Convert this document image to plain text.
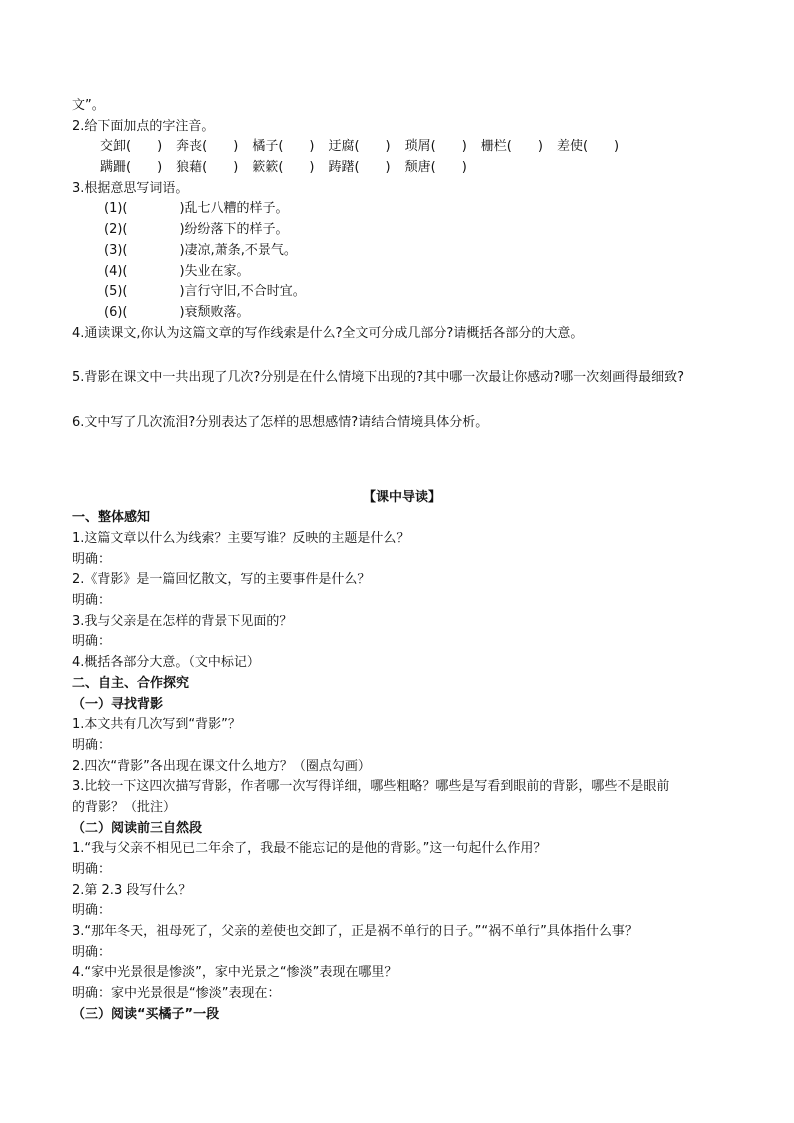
文”。
2.给下面加点的字注音。
交卸(　　) 奔丧(　　) 橘子(　　) 迂腐(　　) 琐屑(　　) 栅栏(　　) 差使(　　)
蹒跚(　　) 狼藉(　　) 簌簌(　　) 踌躇(　　) 颓唐(　　)
3.根据意思写词语。
(1)(　　　　)乱七八糟的样子。
(2)(　　　　)纷纷落下的样子。
(3)(　　　　)凄凉,萧条,不景气。
(4)(　　　　)失业在家。
(5)(　　　　)言行守旧,不合时宜。
(6)(　　　　)衰颓败落。
4.通读课文,你认为这篇文章的写作线索是什么?全文可分成几部分?请概括各部分的大意。
5.背影在课文中一共出现了几次?分别是在什么情境下出现的?其中哪一次最让你感动?哪一次刻画得最细致?
6.文中写了几次流泪?分别表达了怎样的思想感情?请结合情境具体分析。
【课中导读】
一、整体感知
1.这篇文章以什么为线索？主要写谁？反映的主题是什么？
明确：
2.《背影》是一篇回忆散文，写的主要事件是什么？
明确：
3.我与父亲是在怎样的背景下见面的？
明确：
4.概括各部分大意。（文中标记）
二、自主、合作探究
（一）寻找背影
1.本文共有几次写到“背影”？
明确：
2.四次“背影”各出现在课文什么地方？（圈点勾画）
3.比较一下这四次描写背影，作者哪一次写得详细，哪些粗略？哪些是写看到眼前的背影，哪些不是眼前
的背影？（批注）
（二）阅读前三自然段
1.“我与父亲不相见已二年余了，我最不能忘记的是他的背影。”这一句起什么作用？
明确：
2.第 2.3 段写什么？
明确：
3.“那年冬天，祖母死了，父亲的差使也交卸了，正是祸不单行的日子。”“祸不单行”具体指什么事？
明确：
4.“家中光景很是惨淡”，家中光景之“惨淡”表现在哪里？
明确：家中光景很是“惨淡”表现在：
（三）阅读“买橘子”一段
